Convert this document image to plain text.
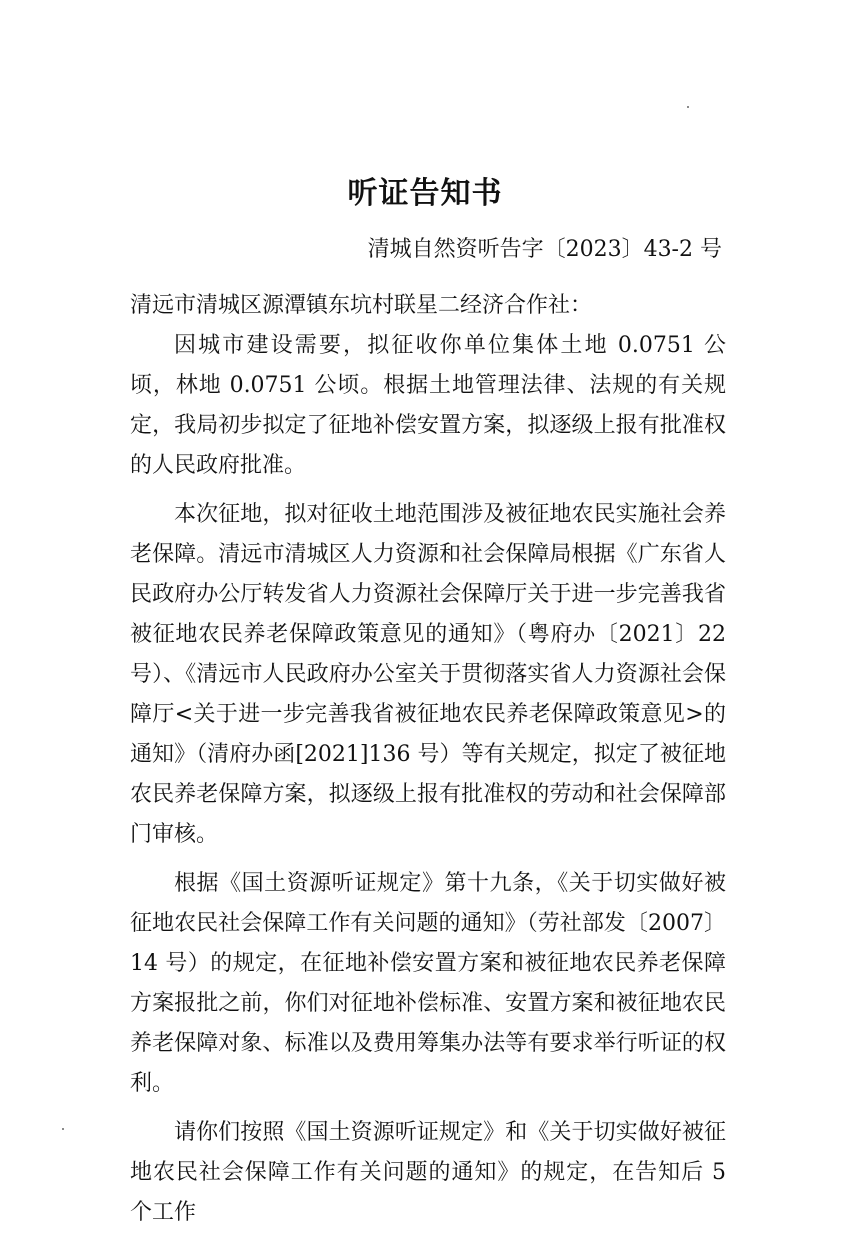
听证告知书

清城自然资听告字〔2023〕43-2 号

清远市清城区源潭镇东坑村联星二经济合作社：

因城市建设需要，拟征收你单位集体土地 0.0751 公顷，林地 0.0751 公顷。根据土地管理法律、法规的有关规定，我局初步拟定了征地补偿安置方案，拟逐级上报有批准权的人民政府批准。

本次征地，拟对征收土地范围涉及被征地农民实施社会养老保障。清远市清城区人力资源和社会保障局根据《广东省人民政府办公厅转发省人力资源社会保障厅关于进一步完善我省被征地农民养老保障政策意见的通知》（粤府办〔2021〕22 号）、《清远市人民政府办公室关于贯彻落实省人力资源社会保障厅<关于进一步完善我省被征地农民养老保障政策意见>的通知》（清府办函[2021]136 号）等有关规定，拟定了被征地农民养老保障方案，拟逐级上报有批准权的劳动和社会保障部门审核。

根据《国土资源听证规定》第十九条，《关于切实做好被征地农民社会保障工作有关问题的通知》（劳社部发〔2007〕14 号）的规定，在征地补偿安置方案和被征地农民养老保障方案报批之前，你们对征地补偿标准、安置方案和被征地农民养老保障对象、标准以及费用筹集办法等有要求举行听证的权利。

请你们按照《国土资源听证规定》和《关于切实做好被征地农民社会保障工作有关问题的通知》的规定，在告知后 5 个工作
